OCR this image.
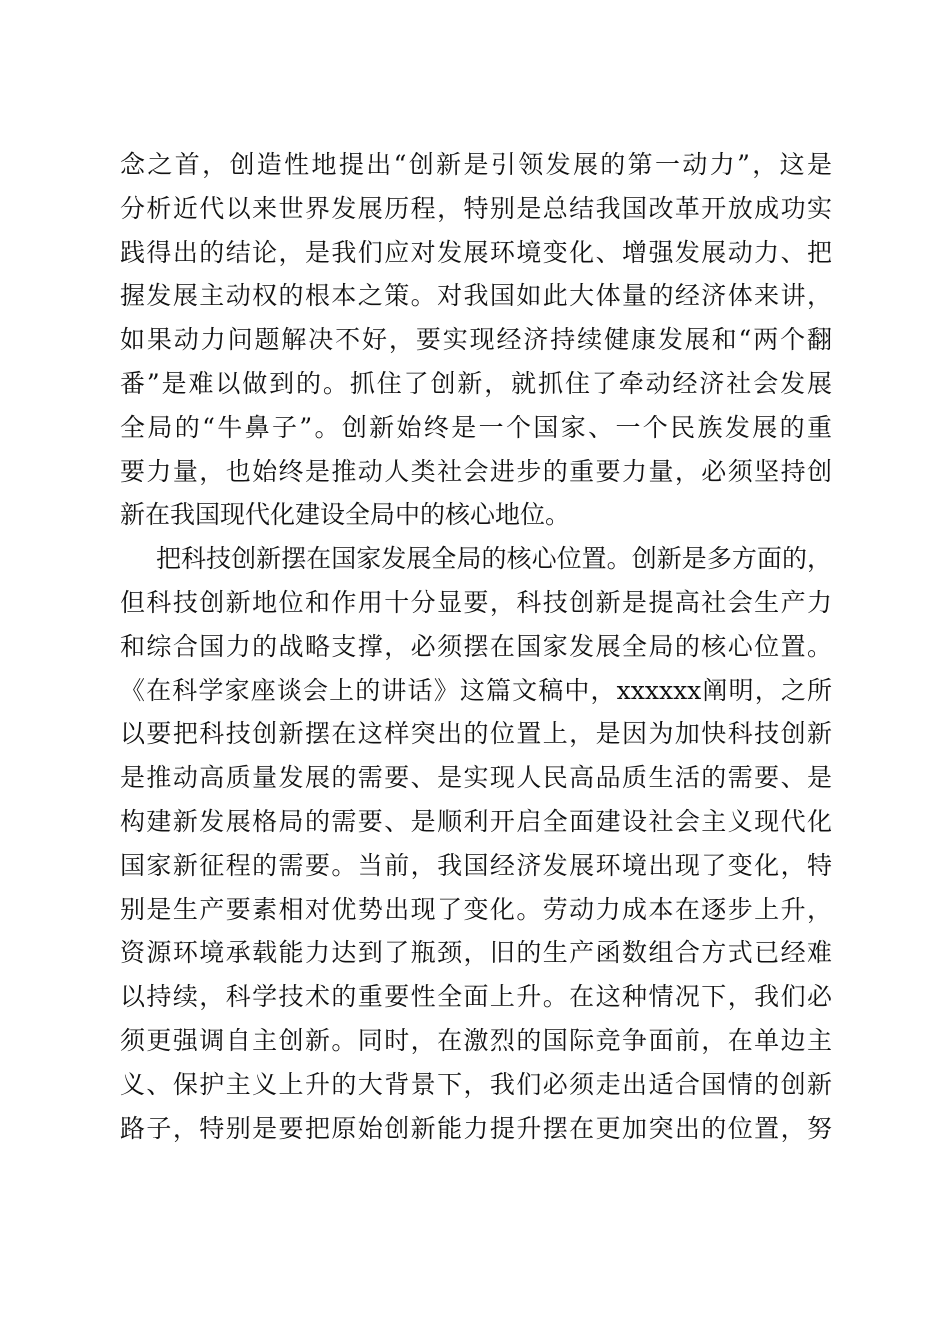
念之首，创造性地提出“创新是引领发展的第一动力”，这是
分析近代以来世界发展历程，特别是总结我国改革开放成功实
践得出的结论，是我们应对发展环境变化、增强发展动力、把
握发展主动权的根本之策。对我国如此大体量的经济体来讲，
如果动力问题解决不好，要实现经济持续健康发展和“两个翻
番”是难以做到的。抓住了创新，就抓住了牵动经济社会发展
全局的“牛鼻子”。创新始终是一个国家、一个民族发展的重
要力量，也始终是推动人类社会进步的重要力量，必须坚持创
新在我国现代化建设全局中的核心地位。
把科技创新摆在国家发展全局的核心位置。创新是多方面的，
但科技创新地位和作用十分显要，科技创新是提高社会生产力
和综合国力的战略支撑，必须摆在国家发展全局的核心位置。
《在科学家座谈会上的讲话》这篇文稿中，xxxxxx阐明，之所
以要把科技创新摆在这样突出的位置上，是因为加快科技创新
是推动高质量发展的需要、是实现人民高品质生活的需要、是
构建新发展格局的需要、是顺利开启全面建设社会主义现代化
国家新征程的需要。当前，我国经济发展环境出现了变化，特
别是生产要素相对优势出现了变化。劳动力成本在逐步上升，
资源环境承载能力达到了瓶颈，旧的生产函数组合方式已经难
以持续，科学技术的重要性全面上升。在这种情况下，我们必
须更强调自主创新。同时，在激烈的国际竞争面前，在单边主
义、保护主义上升的大背景下，我们必须走出适合国情的创新
路子，特别是要把原始创新能力提升摆在更加突出的位置，努
